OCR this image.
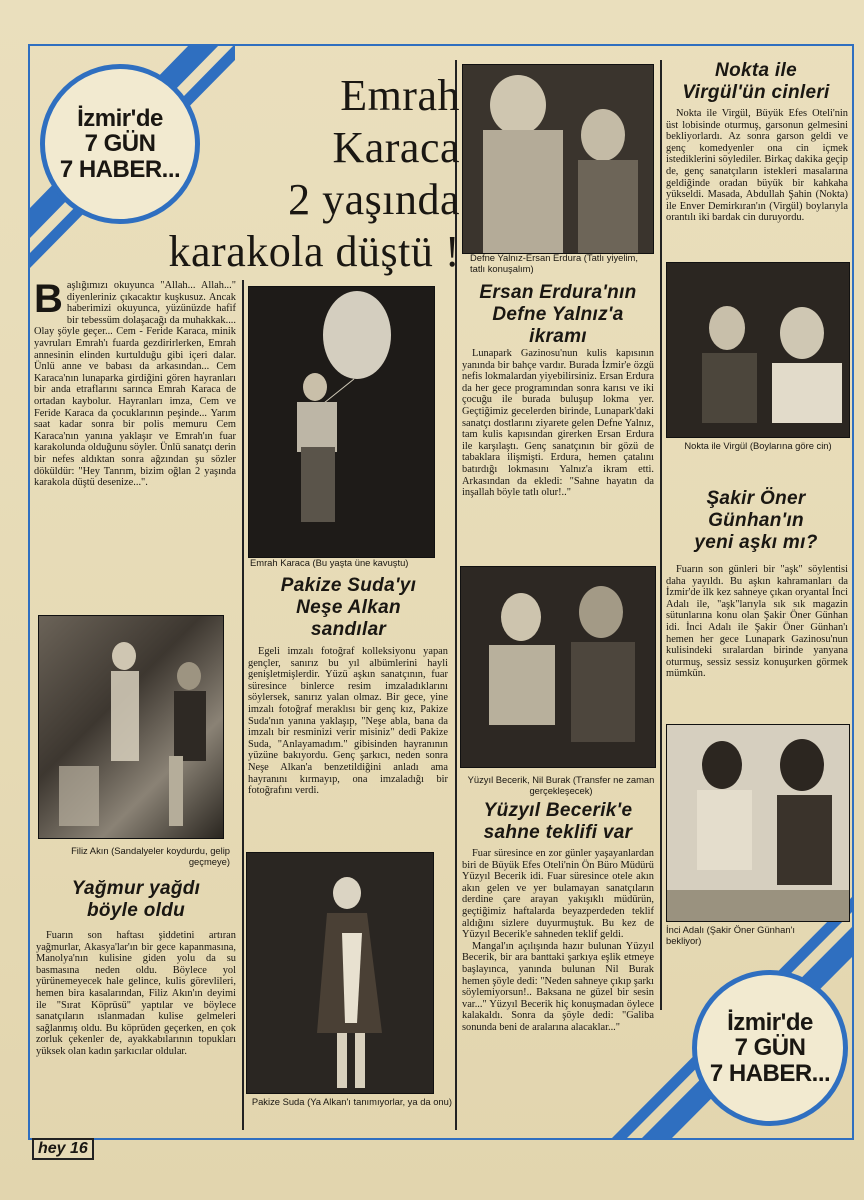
İzmir'de
7 GÜN
7 HABER...
Emrah
Karaca
2 yaşında
karakola düştü !

Başlığımızı okuyunca "Allah... Allah..." diyenleriniz çıkacaktır kuşkusuz. Ancak haberimizi okuyunca, yüzünüzde hafif bir tebessüm dolaşacağı da muhakkak.... Olay şöyle geçer... Cem - Feride Karaca, minik yavruları Emrah'ı fuarda gezdirirlerken, Emrah annesinin elinden kurtulduğu gibi içeri dalar. Ünlü anne ve babası da arkasından... Cem Karaca'nın lunaparka girdiğini gören hayranları bir anda etraflarını sarınca Emrah Karaca de ortadan kaybolur. Hayranları imza, Cem ve Feride Karaca da çocuklarının peşinde... Yarım saat kadar sonra bir polis memuru Cem Karaca'nın yanına yaklaşır ve Emrah'ın fuar karakolunda olduğunu söyler. Ünlü sanatçı derin bir nefes aldıktan sonra ağzından şu sözler döküldür: "Hey Tanrım, bizim oğlan 2 yaşında karakola düştü desenize...".

Filiz Akın (Sandalyeler koydurdu, gelip geçmeye)
Yağmur yağdı
böyle oldu

Fuarın son haftası şiddetini artıran yağmurlar, Akasya'lar'ın bir gece kapanmasına, Manolya'nın kulisine giden yolu da su basmasına neden oldu. Böylece yol yürünemeyecek hale gelince, kulis görevlileri, hemen bira kasalarından, Filiz Akın'ın deyimi ile "Sırat Köprüsü" yaptılar ve böylece sanatçıların ıslanmadan kulise gelmeleri sağlanmış oldu. Bu köprüden geçerken, en çok zorluk çekenler de, ayakkabılarının topukları yüksek olan kadın şarkıcılar oldular.

Emrah Karaca (Bu yaşta üne kavuştu)
Pakize Suda'yı
Neşe Alkan
sandılar

Egeli imzalı fotoğraf kolleksiyonu yapan gençler, sanırız bu yıl albümlerini hayli genişletmişlerdir. Yüzü aşkın sanatçının, fuar süresince binlerce resim imzaladıklarını söylersek, sanırız yalan olmaz. Bir gece, yine imzalı fotoğraf meraklısı bir genç kız, Pakize Suda'nın yanına yaklaşıp, "Neşe abla, bana da imzalı bir resminizi verir misiniz" dedi Pakize Suda, "Anlayamadım." gibisinden hayranının yüzüne bakıyordu. Genç şarkıcı, neden sonra Neşe Alkan'a benzetildiğini anladı ama hayranını kırmayıp, ona imzaladığı bir fotoğrafını verdi.

Pakize Suda (Ya Alkan'ı tanımıyorlar, ya da onu)
Defne Yalnız-Ersan Erdura (Tatlı yiyelim, tatlı konuşalım)
Ersan Erdura'nın
Defne Yalnız'a
ikramı

Lunapark Gazinosu'nun kulis kapısının yanında bir bahçe vardır. Burada İzmir'e özgü nefis lokmalardan yiyebilirsiniz. Ersan Erdura da her gece programından sonra karısı ve iki çocuğu ile burada buluşup lokma yer. Geçtiğimiz gecelerden birinde, Lunapark'daki sanatçı dostlarını ziyarete gelen Defne Yalnız, tam kulis kapısından girerken Ersan Erdura ile karşılaştı. Genç sanatçının bir gözü de tabaklara ilişmişti. Erdura, hemen çatalını batırdığı lokmasını Yalnız'a ikram etti. Arkasından da ekledi: "Sahne hayatın da inşallah böyle tatlı olur!.."

Yüzyıl Becerik, Nil Burak (Transfer ne zaman gerçekleşecek)
Yüzyıl Becerik'e
sahne teklifi var

Fuar süresince en zor günler yaşayanlardan biri de Büyük Efes Oteli'nin Ön Büro Müdürü Yüzyıl Becerik idi. Fuar süresince otele akın akın gelen ve yer bulamayan sanatçıların derdine çare arayan yakışıklı müdürün, geçtiğimiz haftalarda beyazperdeden teklif aldığını sizlere duyurmuştuk. Bu kez de Yüzyıl Becerik'e sahneden teklif geldi.

Mangal'ın açılışında hazır bulunan Yüzyıl Becerik, bir ara banttaki şarkıya eşlik etmeye başlayınca, yanında bulunan Nil Burak hemen şöyle dedi: "Neden sahneye çıkıp şarkı söylemiyorsun!.. Baksana ne güzel bir sesin var..." Yüzyıl Becerik hiç konuşmadan öylece kalakaldı. Sonra da şöyle dedi: "Galiba sonunda beni de aralarına alacaklar..."

Nokta ile
Virgül'ün cinleri

Nokta ile Virgül, Büyük Efes Oteli'nin üst lobisinde oturmuş, garsonun gelmesini bekliyorlardı. Az sonra garson geldi ve genç komedyenler ona cin içmek istediklerini söylediler. Birkaç dakika geçip de, genç sanatçıların istekleri masalarına geldiğinde oradan büyük bir kahkaha yükseldi. Masada, Abdullah Şahin (Nokta) ile Enver Demirkıran'ın (Virgül) boylarıyla orantılı iki bardak cin duruyordu.

Nokta ile Virgül (Boylarına göre cin)
Şakir Öner
Günhan'ın
yeni aşkı mı?

Fuarın son günleri bir "aşk" söylentisi daha yayıldı. Bu aşkın kahramanları da İzmir'de ilk kez sahneye çıkan oryantal İnci Adalı ile, "aşk"larıyla sık sık magazin sütunlarına konu olan Şakir Öner Günhan idi. İnci Adalı ile Şakir Öner Günhan'ı hemen her gece Lunapark Gazinosu'nun kulisindeki sıralardan birinde yanyana oturmuş, sessiz sessiz konuşurken görmek mümkün.

İnci Adalı (Şakir Öner Günhan'ı bekliyor)
İzmir'de
7 GÜN
7 HABER...
hey 16
